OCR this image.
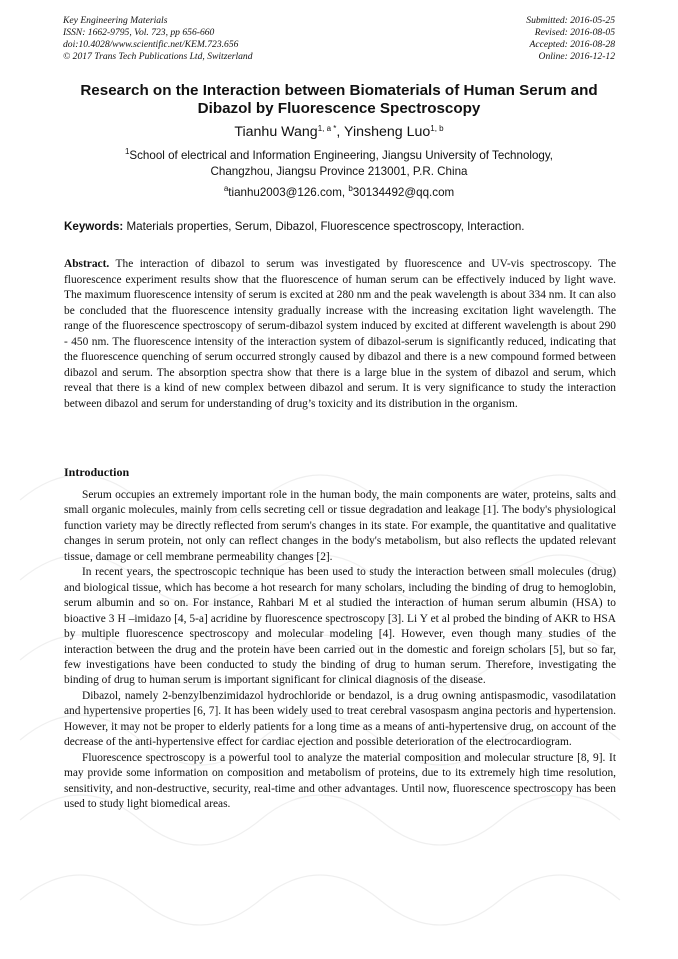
Key Engineering Materials
ISSN: 1662-9795, Vol. 723, pp 656-660
doi:10.4028/www.scientific.net/KEM.723.656
© 2017 Trans Tech Publications Ltd, Switzerland
Submitted: 2016-05-25
Revised: 2016-08-05
Accepted: 2016-08-28
Online: 2016-12-12
Research on the Interaction between Biomaterials of Human Serum and
Dibazol by Fluorescence Spectroscopy
Tianhu Wang$^{1, a *}$, Yinsheng Luo$^{1, b}$
$^1$School of electrical and Information Engineering, Jiangsu University of Technology,
Changzhou, Jiangsu Province 213001, P.R. China
$^a$tianhu2003@126.com, $^b$30134492@qq.com
Keywords: Materials properties, Serum, Dibazol, Fluorescence spectroscopy, Interaction.

Abstract. The interaction of dibazol to serum was investigated by fluorescence and UV-vis spectroscopy. The fluorescence experiment results show that the fluorescence of human serum can be effectively induced by light wave. The maximum fluorescence intensity of serum is excited at 280 nm and the peak wavelength is about 334 nm. It can also be concluded that the fluorescence intensity gradually increase with the increasing excitation light wavelength. The range of the fluorescence spectroscopy of serum-dibazol system induced by excited at different wavelength is about 290 - 450 nm. The fluorescence intensity of the interaction system of dibazol-serum is significantly reduced, indicating that the fluorescence quenching of serum occurred strongly caused by dibazol and there is a new compound formed between dibazol and serum. The absorption spectra show that there is a large blue in the system of dibazol and serum, which reveal that there is a kind of new complex between dibazol and serum. It is very significance to study the interaction between dibazol and serum for understanding of drug’s toxicity and its distribution in the organism.

Introduction

Serum occupies an extremely important role in the human body, the main components are water, proteins, salts and small organic molecules, mainly from cells secreting cell or tissue degradation and leakage [1]. The body's physiological function variety may be directly reflected from serum's changes in its state. For example, the quantitative and qualitative changes in serum protein, not only can reflect changes in the body's metabolism, but also reflects the updated relevant tissue, damage or cell membrane permeability changes [2].

In recent years, the spectroscopic technique has been used to study the interaction between small molecules (drug) and biological tissue, which has become a hot research for many scholars, including the binding of drug to hemoglobin, serum albumin and so on. For instance, Rahbari M et al studied the interaction of human serum albumin (HSA) to bioactive 3 H –imidazo [4, 5-a] acridine by fluorescence spectroscopy [3]. Li Y et al probed the binding of AKR to HSA by multiple fluorescence spectroscopy and molecular modeling [4]. However, even though many studies of the interaction between the drug and the protein have been carried out in the domestic and foreign scholars [5], but so far, few investigations have been conducted to study the binding of drug to human serum. Therefore, investigating the binding of drug to human serum is important significant for clinical diagnosis of the disease.

Dibazol, namely 2-benzylbenzimidazol hydrochloride or bendazol, is a drug owning antispasmodic, vasodilatation and hypertensive properties [6, 7]. It has been widely used to treat cerebral vasospasm angina pectoris and hypertension. However, it may not be proper to elderly patients for a long time as a means of anti-hypertensive drug, on account of the decrease of the anti-hypertensive effect for cardiac ejection and possible deterioration of the electrocardiogram.

Fluorescence spectroscopy is a powerful tool to analyze the material composition and molecular structure [8, 9]. It may provide some information on composition and metabolism of proteins, due to its extremely high time resolution, sensitivity, and non-destructive, security, real-time and other advantages. Until now, fluorescence spectroscopy has been used to study light biomedical areas.
